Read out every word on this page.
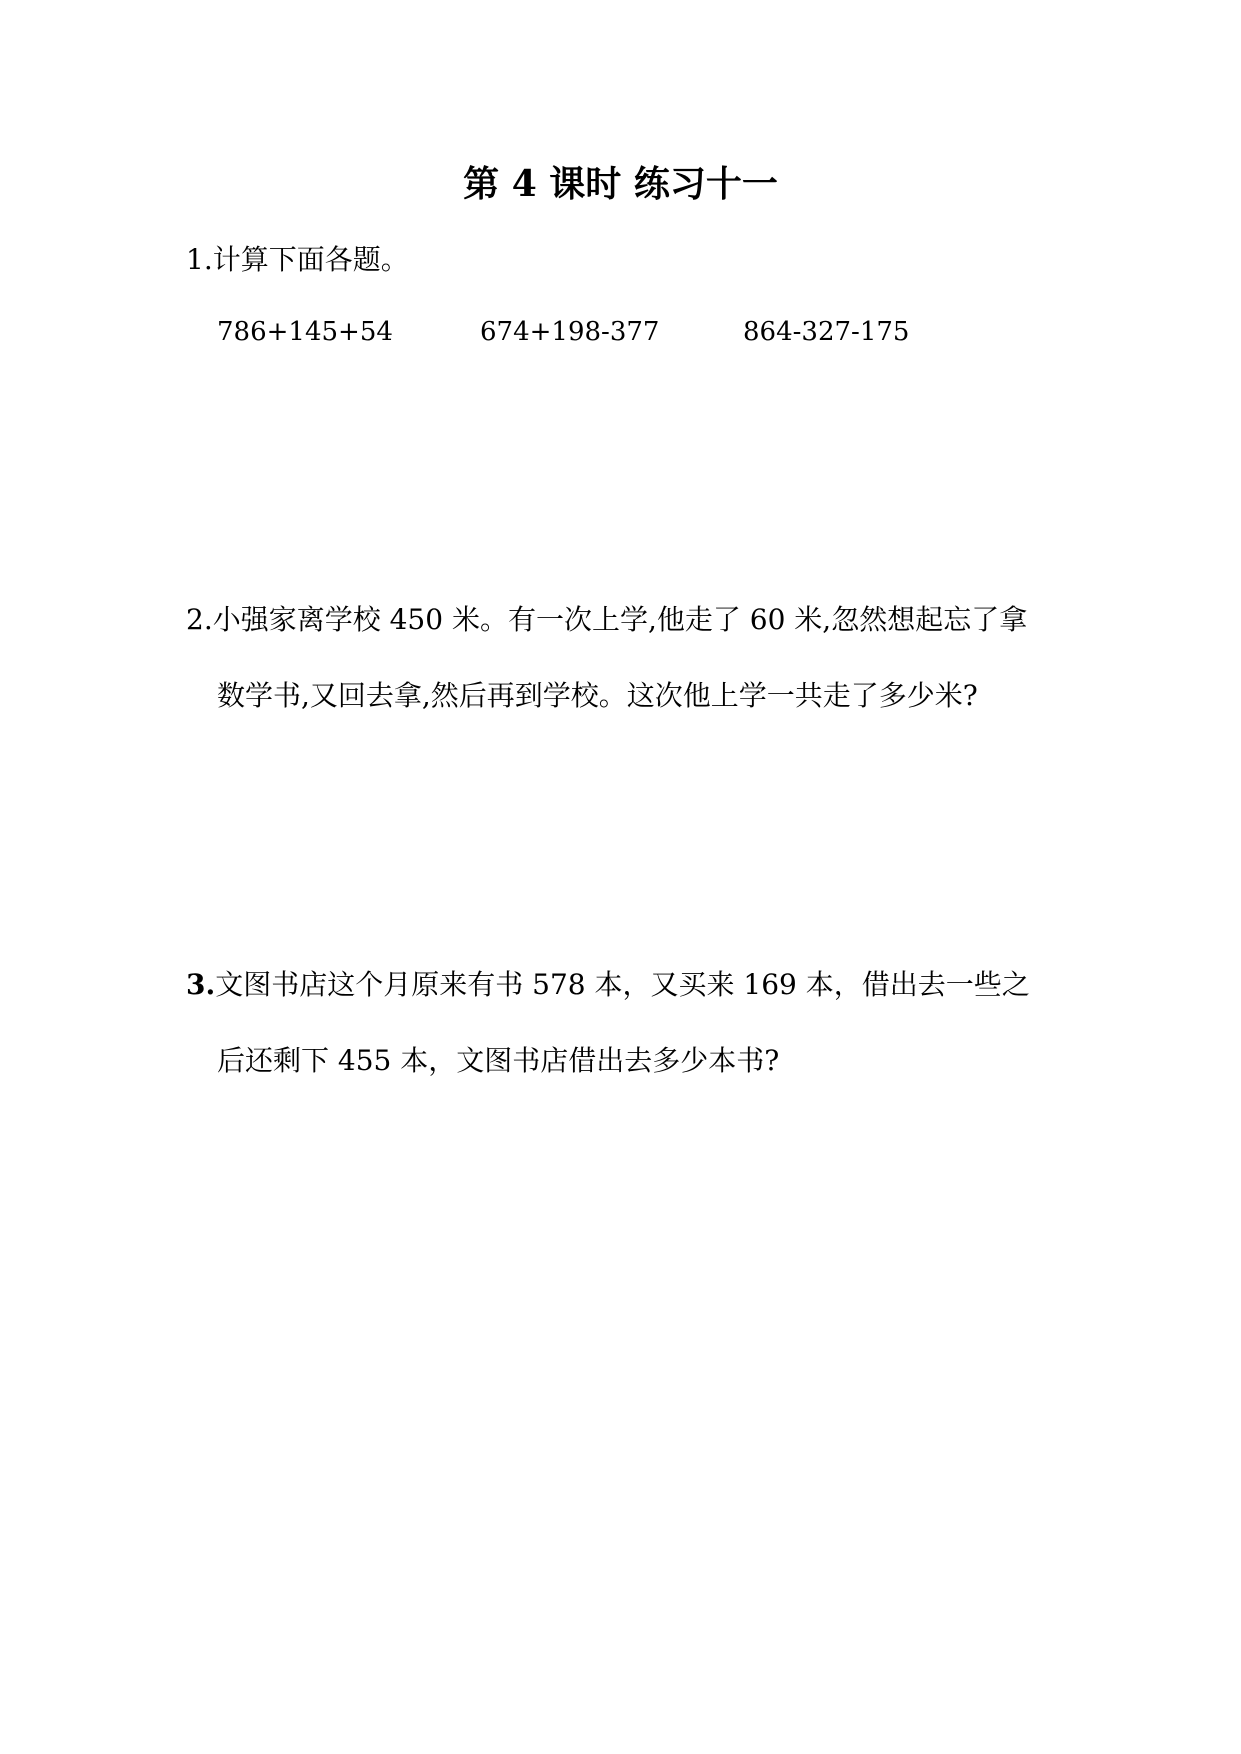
第 4 课时 练习十一
1.计算下面各题。
786+145+54	674+198-377	864-327-175
2.小强家离学校 450 米。有一次上学,他走了 60 米,忽然想起忘了拿
数学书,又回去拿,然后再到学校。这次他上学一共走了多少米?
3.文图书店这个月原来有书 578 本，又买来 169 本，借出去一些之
后还剩下 455 本，文图书店借出去多少本书?
